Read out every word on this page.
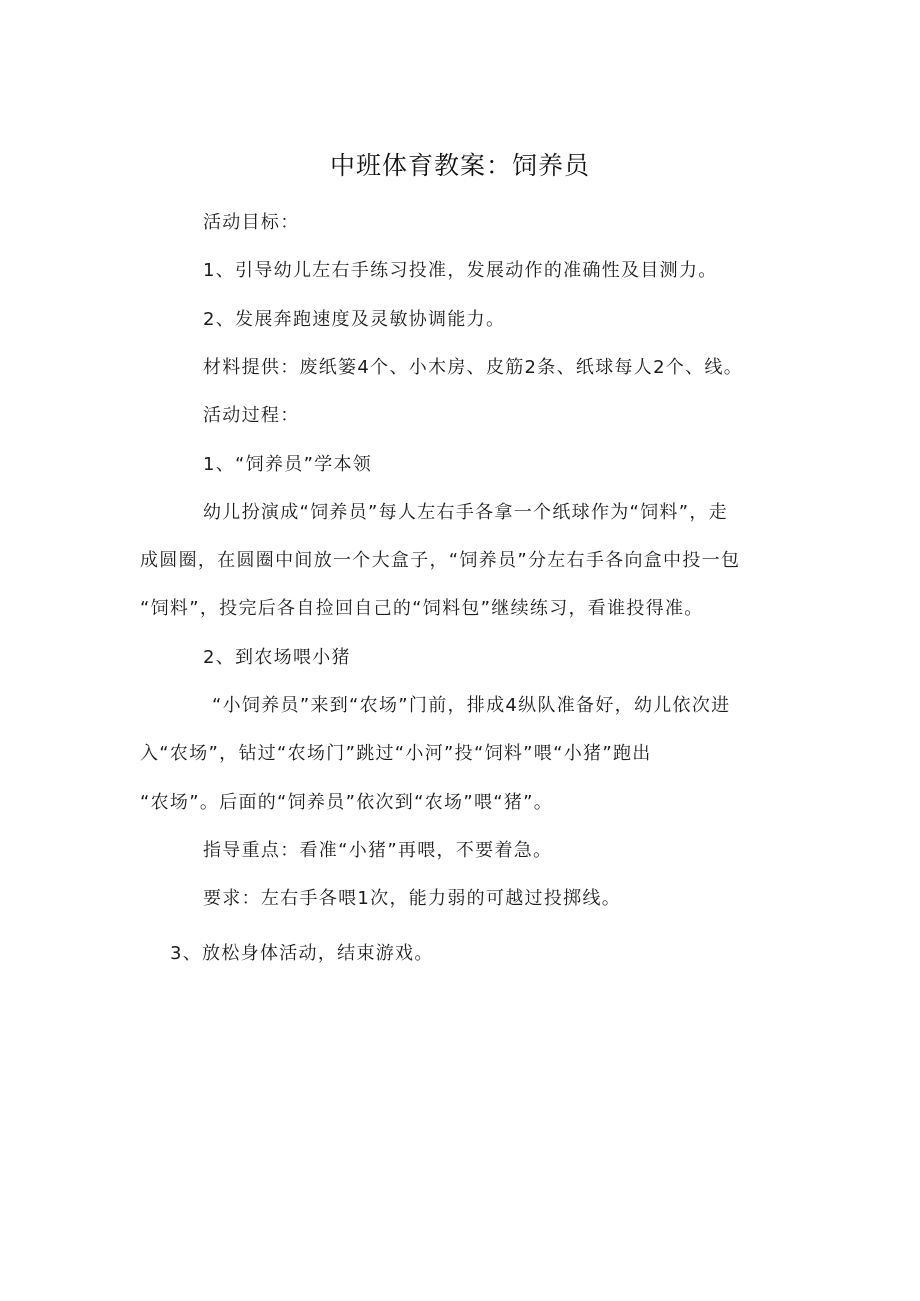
中班体育教案：饲养员
活动目标：
1、引导幼儿左右手练习投准，发展动作的准确性及目测力。
2、发展奔跑速度及灵敏协调能力。
材料提供：废纸篓4个、小木房、皮筋2条、纸球每人2个、线。
活动过程：
1、“饲养员”学本领
幼儿扮演成“饲养员”每人左右手各拿一个纸球作为“饲料”，走
成圆圈，在圆圈中间放一个大盒子，“饲养员”分左右手各向盒中投一包
“饲料”，投完后各自捡回自己的“饲料包”继续练习，看谁投得准。
2、到农场喂小猪
“小饲养员”来到“农场”门前，排成4纵队准备好，幼儿依次进
入“农场”，钻过“农场门”跳过“小河”投“饲料”喂“小猪”跑出
“农场”。后面的“饲养员”依次到“农场”喂“猪”。
指导重点：看准“小猪”再喂，不要着急。
要求：左右手各喂1次，能力弱的可越过投掷线。
3、放松身体活动，结束游戏。
